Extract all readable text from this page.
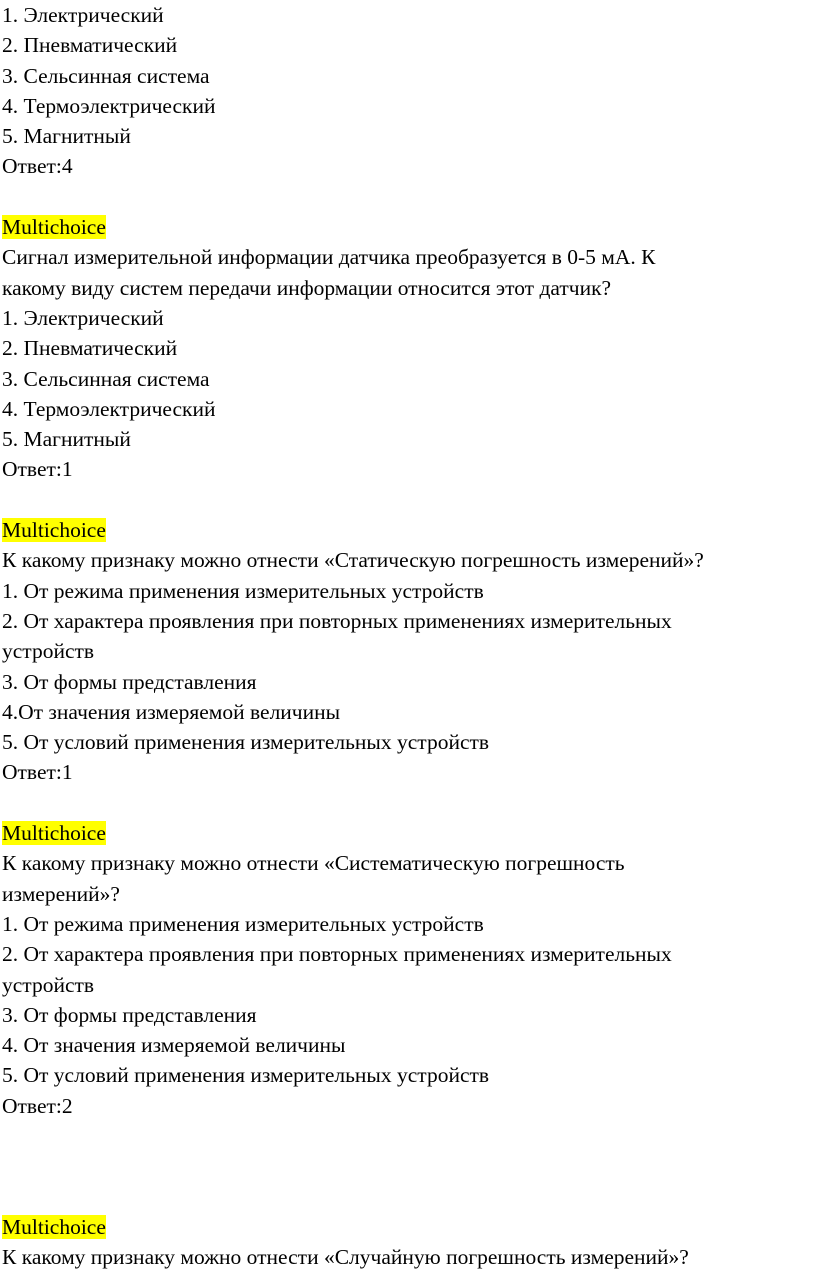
1. Электрический

2. Пневматический

3. Сельсинная система

4. Термоэлектрический

5. Магнитный

Ответ:4

Multichoice

Сигнал измерительной информации датчика преобразуется в 0-5 мА. К

какому виду систем передачи информации относится этот датчик?

1. Электрический

2. Пневматический

3. Сельсинная система

4. Термоэлектрический

5. Магнитный

Ответ:1

Multichoice

К какому признаку можно отнести «Статическую погрешность измерений»?

1. От режима применения измерительных устройств

2. От характера проявления при повторных применениях измерительных

устройств

3. От формы представления

4.От значения измеряемой величины

5. От условий применения измерительных устройств

Ответ:1

Multichoice

К какому признаку можно отнести «Систематическую погрешность

измерений»?

1. От режима применения измерительных устройств

2. От характера проявления при повторных применениях измерительных

устройств

3. От формы представления

4. От значения измеряемой величины

5. От условий применения измерительных устройств

Ответ:2

Multichoice

К какому признаку можно отнести «Случайную погрешность измерений»?
